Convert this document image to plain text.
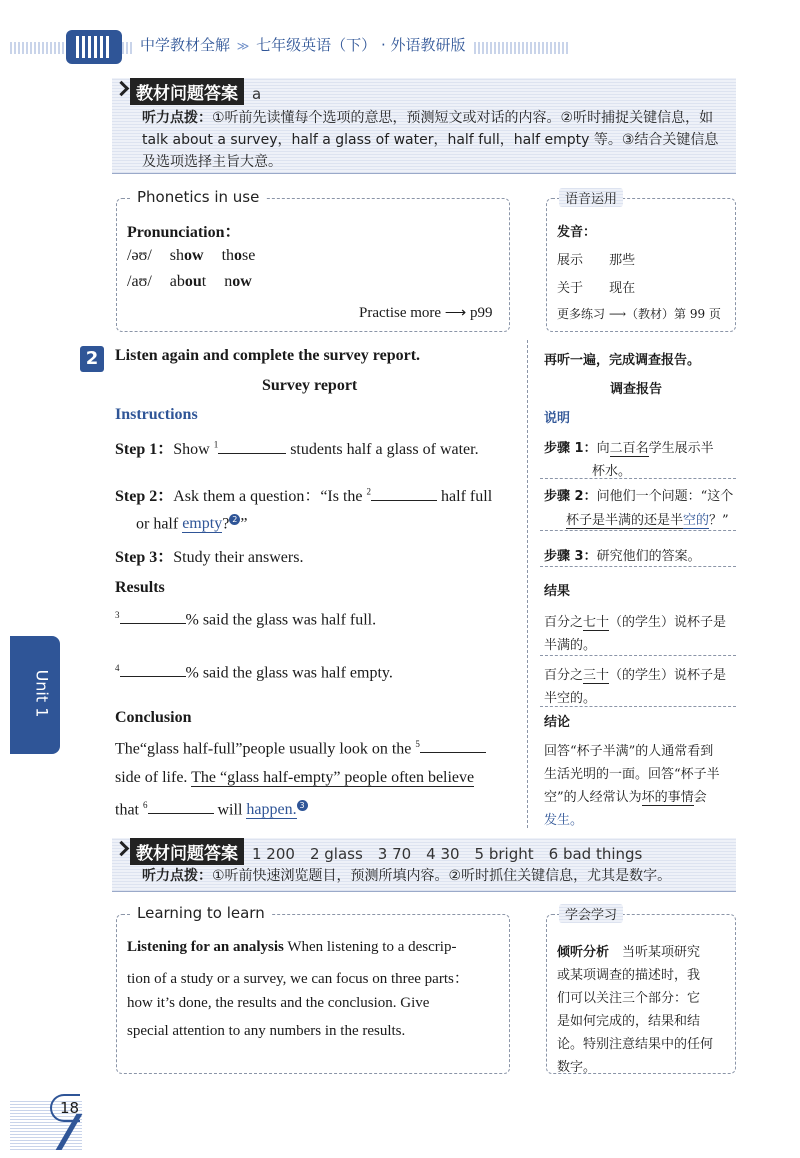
中学教材全解 ≫ 七年级英语（下） · 外语教研版
教材问题答案 a
听力点拨：①听前先读懂每个选项的意思，预测短文或对话的内容。②听时捕捉关键信息，如 talk about a survey，half a glass of water，half full，half empty 等。③结合关键信息及选项选择主旨大意。
Phonetics in use
Pronunciation：
/əʊ/ show those
/aʊ/ about now
Practise more ⟶ p99
语音运用
发音：
展示 那些
关于 现在
更多练习 ⟶（教材）第 99 页
2	Listen again and complete the survey report.
Survey report
Instructions
Step 1：Show $^1$	students half a glass of water.
Step 2：Ask them a question：“Is the $^2$	half full
or half empty? 2 ”
Step 3：Study their answers.
Results
$^3$	% said the glass was half full.
$^4$	% said the glass was half empty.
Conclusion
The“glass half-full”people usually look on the $^5$
side of life. The “glass half-empty” people often believe
that $^6$	will happen. 3
再听一遍，完成调查报告。
调查报告
说明
步骤 1：向二百名学生展示半
杯水。
步骤 2：问他们一个问题：“这个
杯子是半满的还是半空的？”
步骤 3：研究他们的答案。
结果
百分之七十（的学生）说杯子是
半满的。
百分之三十（的学生）说杯子是
半空的。
结论
回答“杯子半满”的人通常看到
生活光明的一面。回答“杯子半
空”的人经常认为坏的事情会
发生。
教材问题答案 1 200　2 glass　3 70　4 30　5 bright　6 bad things
听力点拨：①听前快速浏览题目，预测所填内容。②听时抓住关键信息，尤其是数字。
Learning to learn
Listening for an analysis When listening to a descrip-
tion of a study or a survey, we can focus on three parts：
how it’s done, the results and the conclusion. Give
special attention to any numbers in the results.
学会学习
倾听分析　当听某项研究
或某项调查的描述时，我
们可以关注三个部分：它
是如何完成的，结果和结
论。特别注意结果中的任何
数字。
Unit 1
18
